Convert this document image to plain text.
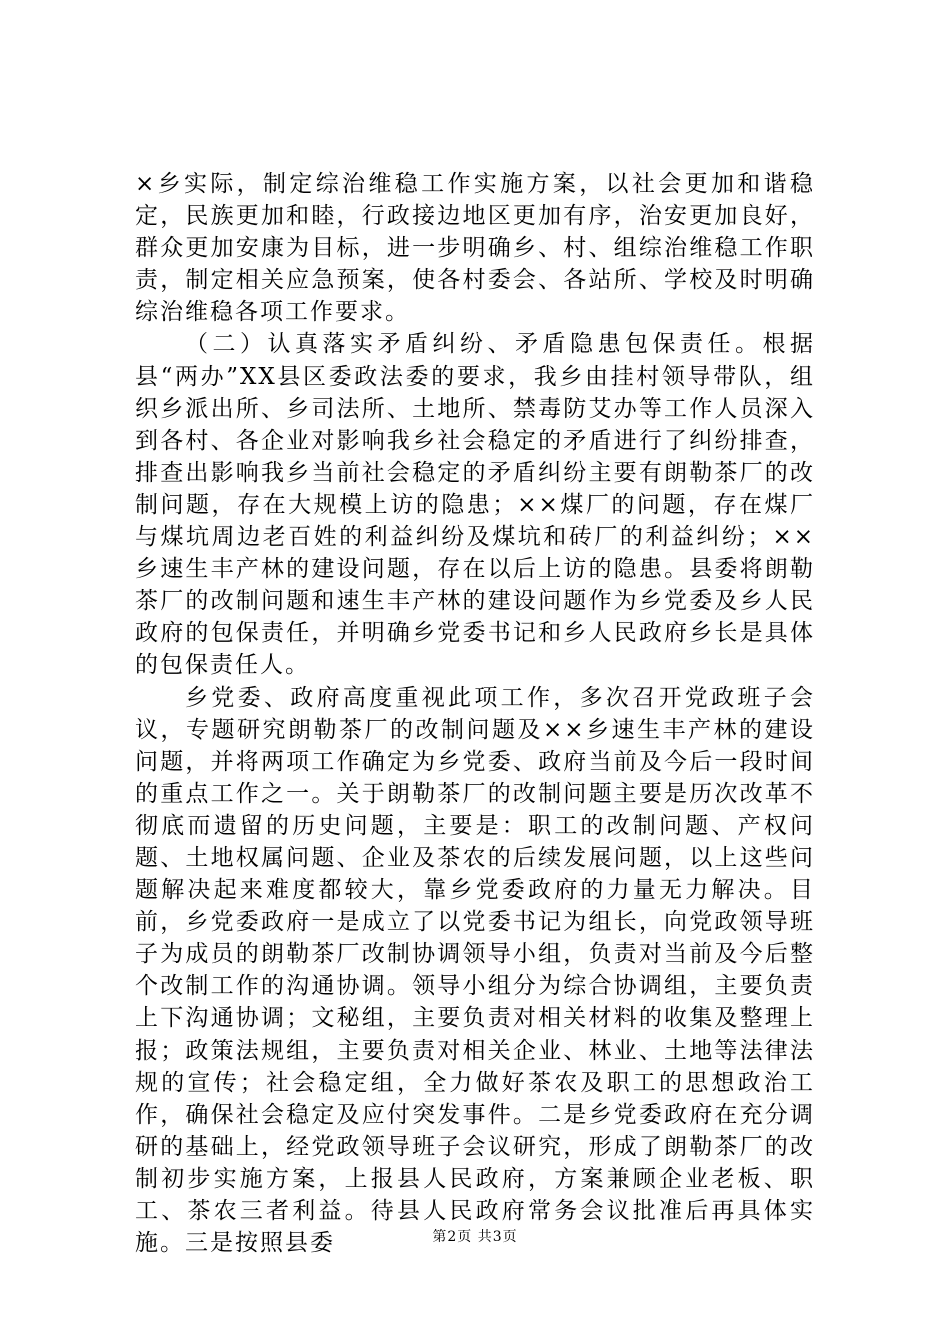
×乡实际，制定综治维稳工作实施方案，以社会更加和谐稳定，民族更加和睦，行政接边地区更加有序，治安更加良好，群众更加安康为目标，进一步明确乡、村、组综治维稳工作职责，制定相关应急预案，使各村委会、各站所、学校及时明确综治维稳各项工作要求。

（二）认真落实矛盾纠纷、矛盾隐患包保责任。根据县“两办”XX县区委政法委的要求，我乡由挂村领导带队，组织乡派出所、乡司法所、土地所、禁毒防艾办等工作人员深入到各村、各企业对影响我乡社会稳定的矛盾进行了纠纷排查，排查出影响我乡当前社会稳定的矛盾纠纷主要有朗勒茶厂的改制问题，存在大规模上访的隐患；××煤厂的问题，存在煤厂与煤坑周边老百姓的利益纠纷及煤坑和砖厂的利益纠纷；××乡速生丰产林的建设问题，存在以后上访的隐患。县委将朗勒茶厂的改制问题和速生丰产林的建设问题作为乡党委及乡人民政府的包保责任，并明确乡党委书记和乡人民政府乡长是具体的包保责任人。

乡党委、政府高度重视此项工作，多次召开党政班子会议，专题研究朗勒茶厂的改制问题及××乡速生丰产林的建设问题，并将两项工作确定为乡党委、政府当前及今后一段时间的重点工作之一。关于朗勒茶厂的改制问题主要是历次改革不彻底而遗留的历史问题，主要是：职工的改制问题、产权问题、土地权属问题、企业及茶农的后续发展问题，以上这些问题解决起来难度都较大，靠乡党委政府的力量无力解决。目前，乡党委政府一是成立了以党委书记为组长，向党政领导班子为成员的朗勒茶厂改制协调领导小组，负责对当前及今后整个改制工作的沟通协调。领导小组分为综合协调组，主要负责上下沟通协调；文秘组，主要负责对相关材料的收集及整理上报；政策法规组，主要负责对相关企业、林业、土地等法律法规的宣传；社会稳定组，全力做好茶农及职工的思想政治工作，确保社会稳定及应付突发事件。二是乡党委政府在充分调研的基础上，经党政领导班子会议研究，形成了朗勒茶厂的改制初步实施方案，上报县人民政府，方案兼顾企业老板、职工、茶农三者利益。待县人民政府常务会议批准后再具体实施。三是按照县委	第2页 共3页
